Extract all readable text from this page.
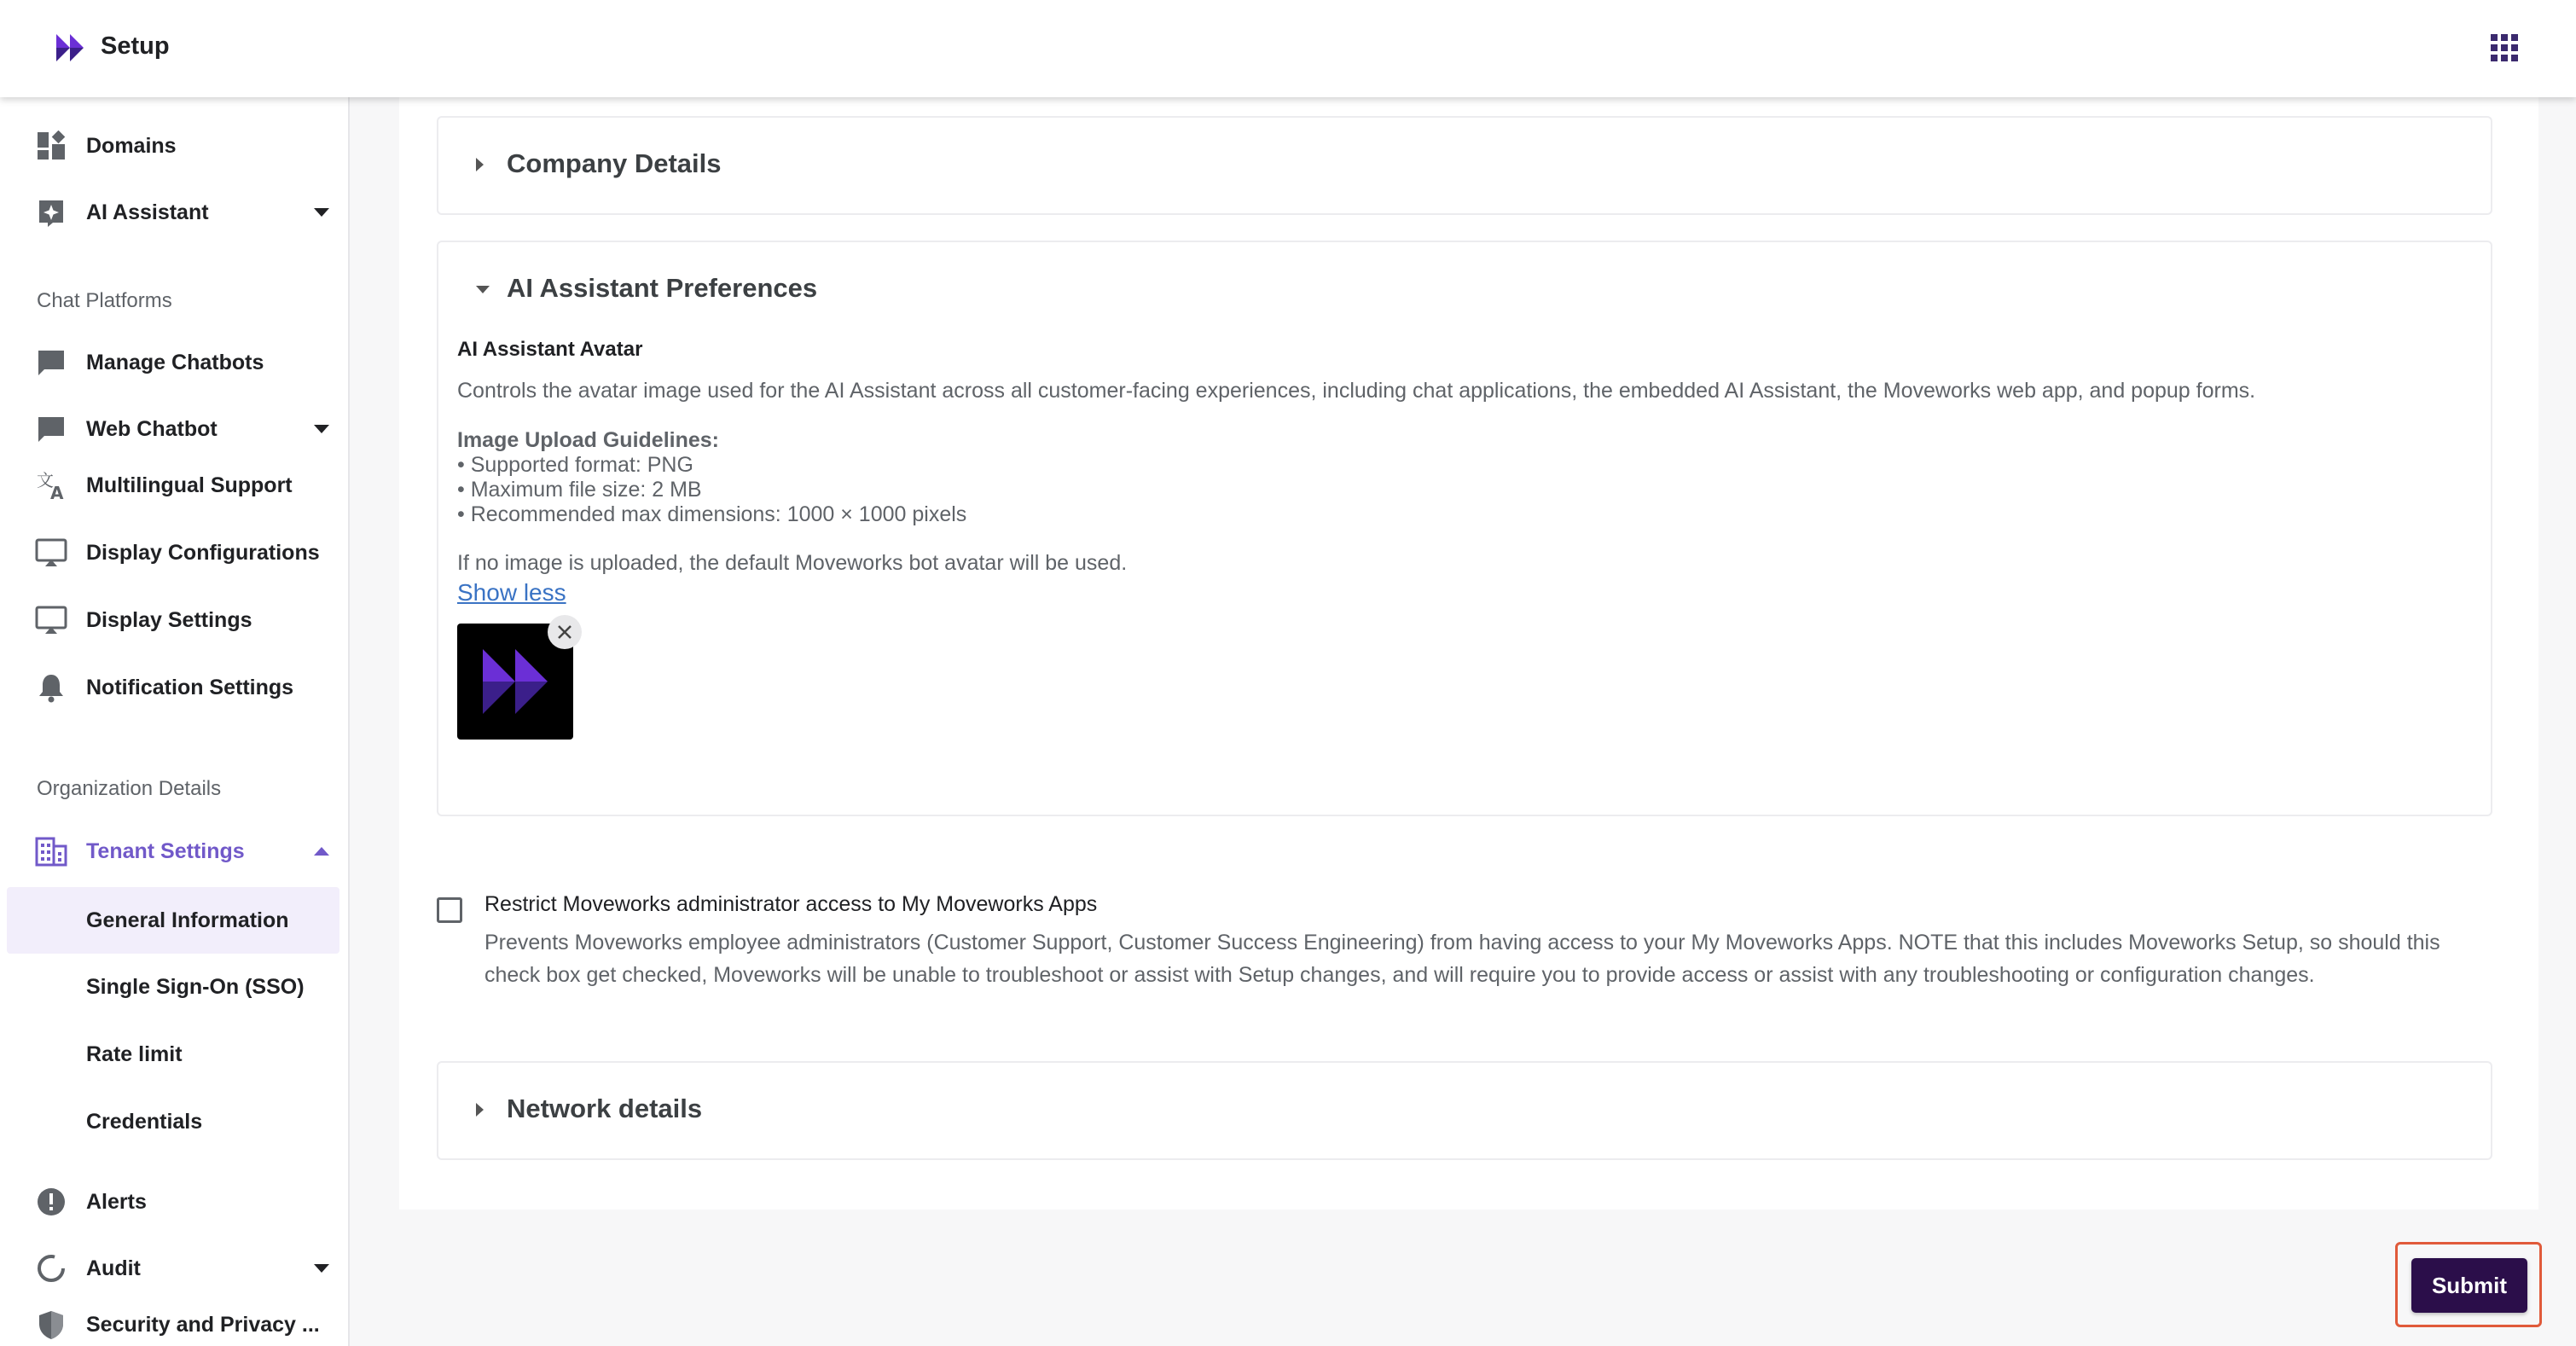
Setup
Domains
AI Assistant
Chat Platforms
Manage Chatbots
Web Chatbot
文
A Multilingual Support
Display Configurations
Display Settings
Notification Settings
Organization Details
Tenant Settings
General Information
Single Sign-On (SSO)
Rate limit
Credentials
Alerts
Audit
Security and Privacy ...
Company Details
AI Assistant Preferences
AI Assistant Avatar
Controls the avatar image used for the AI Assistant across all customer-facing experiences, including chat applications, the embedded AI Assistant, the Moveworks web app, and popup forms.
Image Upload Guidelines:
• Supported format: PNG
• Maximum file size: 2 MB
• Recommended max dimensions: 1000 × 1000 pixels
If no image is uploaded, the default Moveworks bot avatar will be used.
Show less
Restrict Moveworks administrator access to My Moveworks Apps
Prevents Moveworks employee administrators (Customer Support, Customer Success Engineering) from having access to your My Moveworks Apps. NOTE that this includes Moveworks Setup, so should this check box get checked, Moveworks will be unable to troubleshoot or assist with Setup changes, and will require you to provide access or assist with any troubleshooting or configuration changes.
Network details
Submit
